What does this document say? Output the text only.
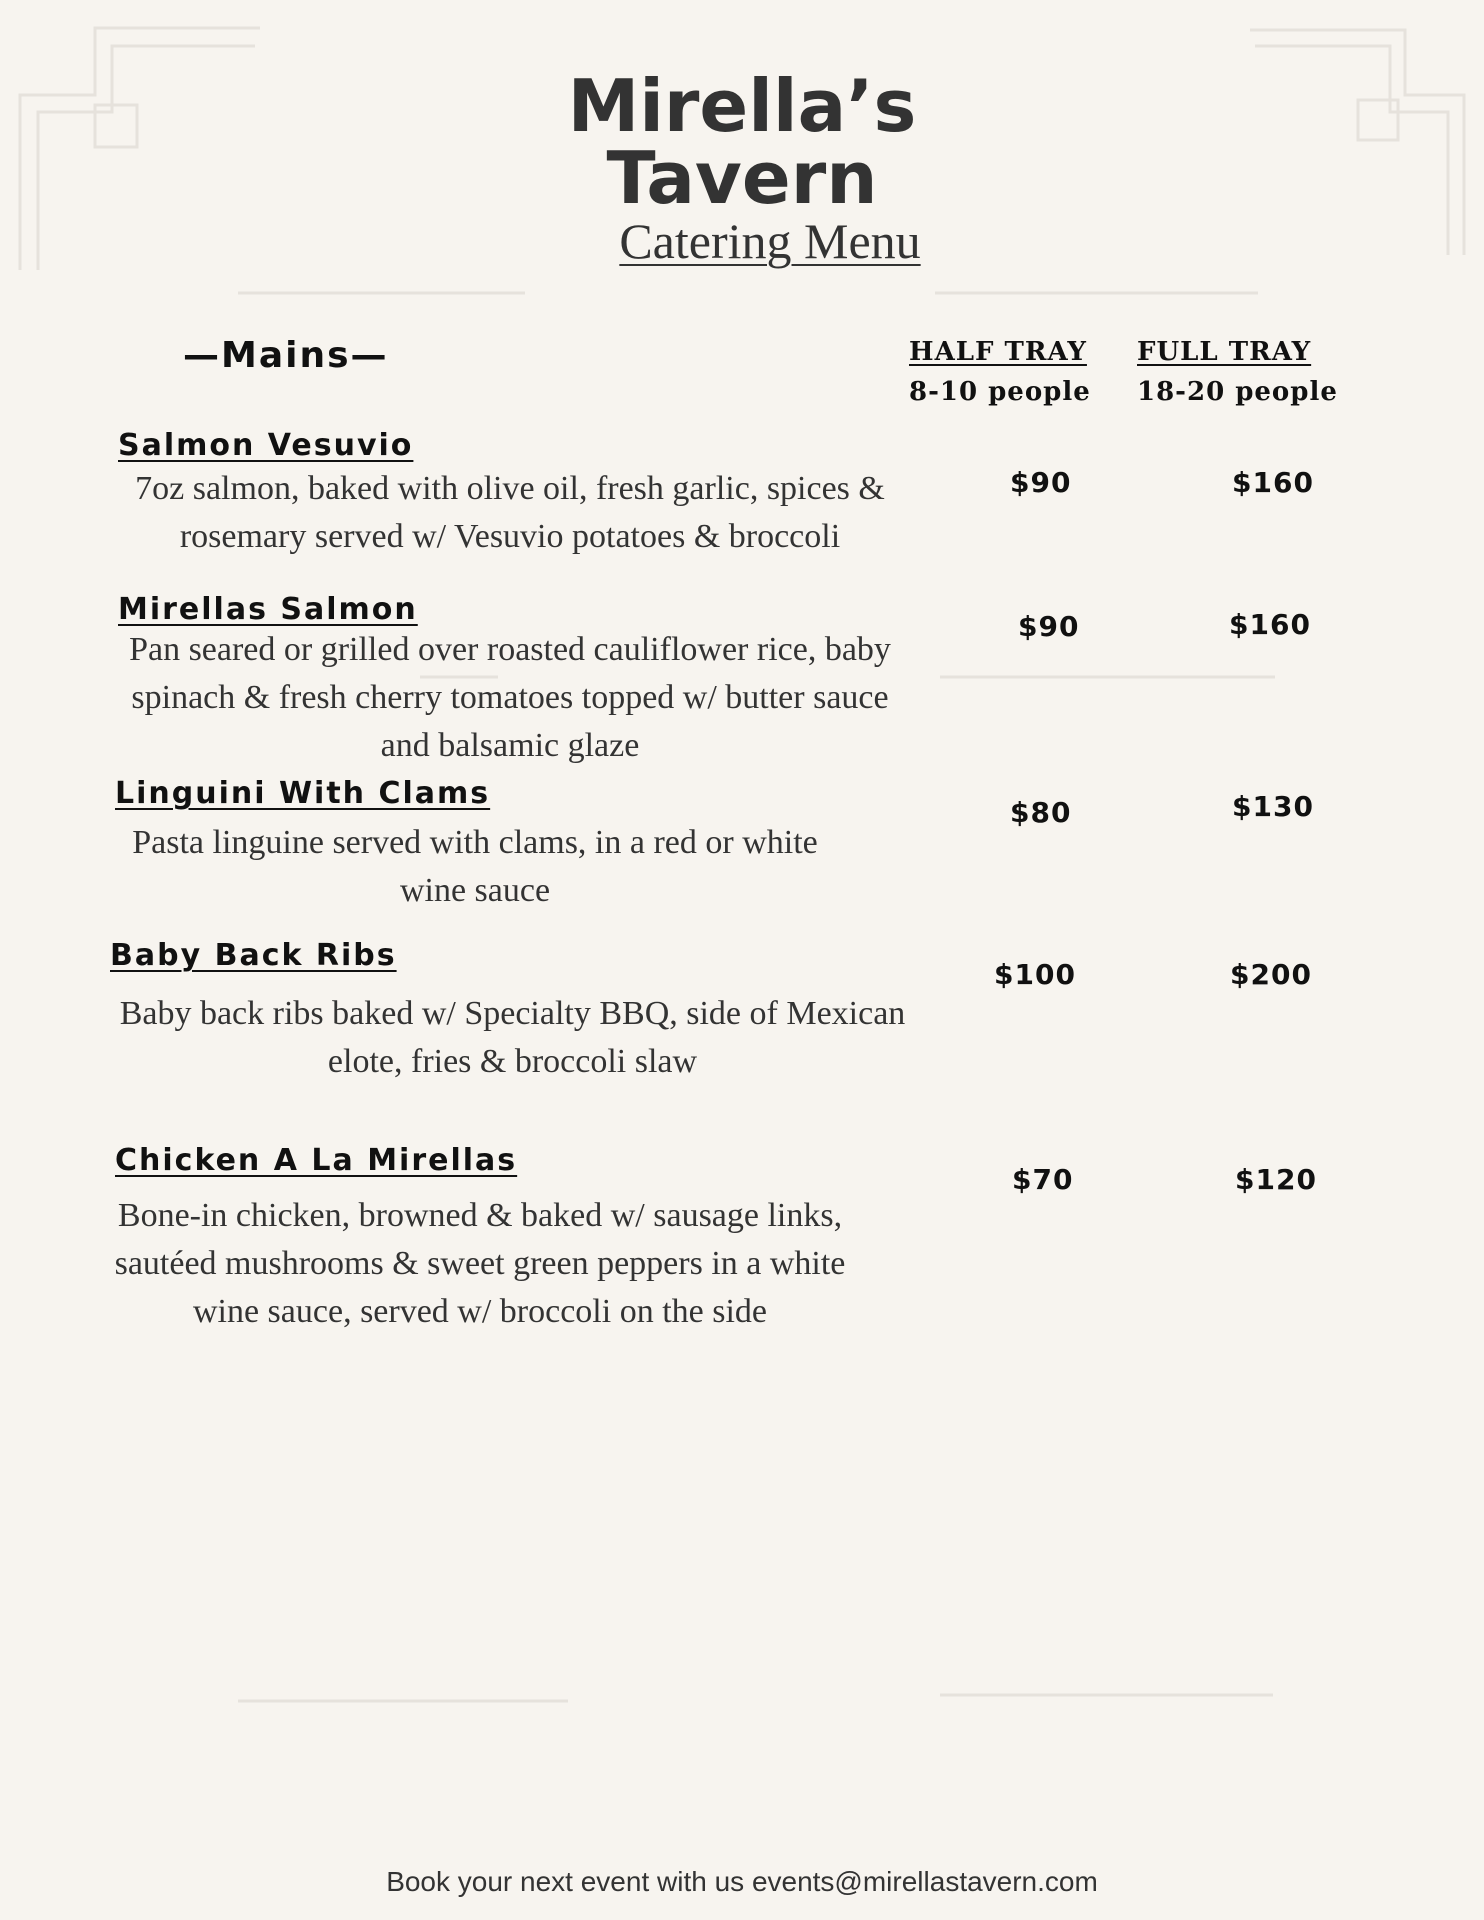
Mirella’s
Tavern
Catering Menu
—Mains—	HALF TRAY
8-10 people
FULL TRAY
18-20 people
Salmon Vesuvio
7oz salmon, baked with olive oil, fresh garlic, spices &
rosemary served w/ Vesuvio potatoes & broccoli
$90	$160
Mirellas Salmon
Pan seared or grilled over roasted cauliflower rice, baby
spinach & fresh cherry tomatoes topped w/ butter sauce
and balsamic glaze
$90	$160
Linguini With Clams
Pasta linguine served with clams, in a red or white
wine sauce
$80	$130
Baby Back Ribs
Baby back ribs baked w/ Specialty BBQ, side of Mexican
elote, fries & broccoli slaw
$100	$200
Chicken A La Mirellas
Bone-in chicken, browned & baked w/ sausage links,
sautéed mushrooms & sweet green peppers in a white
wine sauce, served w/ broccoli on the side
$70	$120
Book your next event with us events@mirellastavern.com
